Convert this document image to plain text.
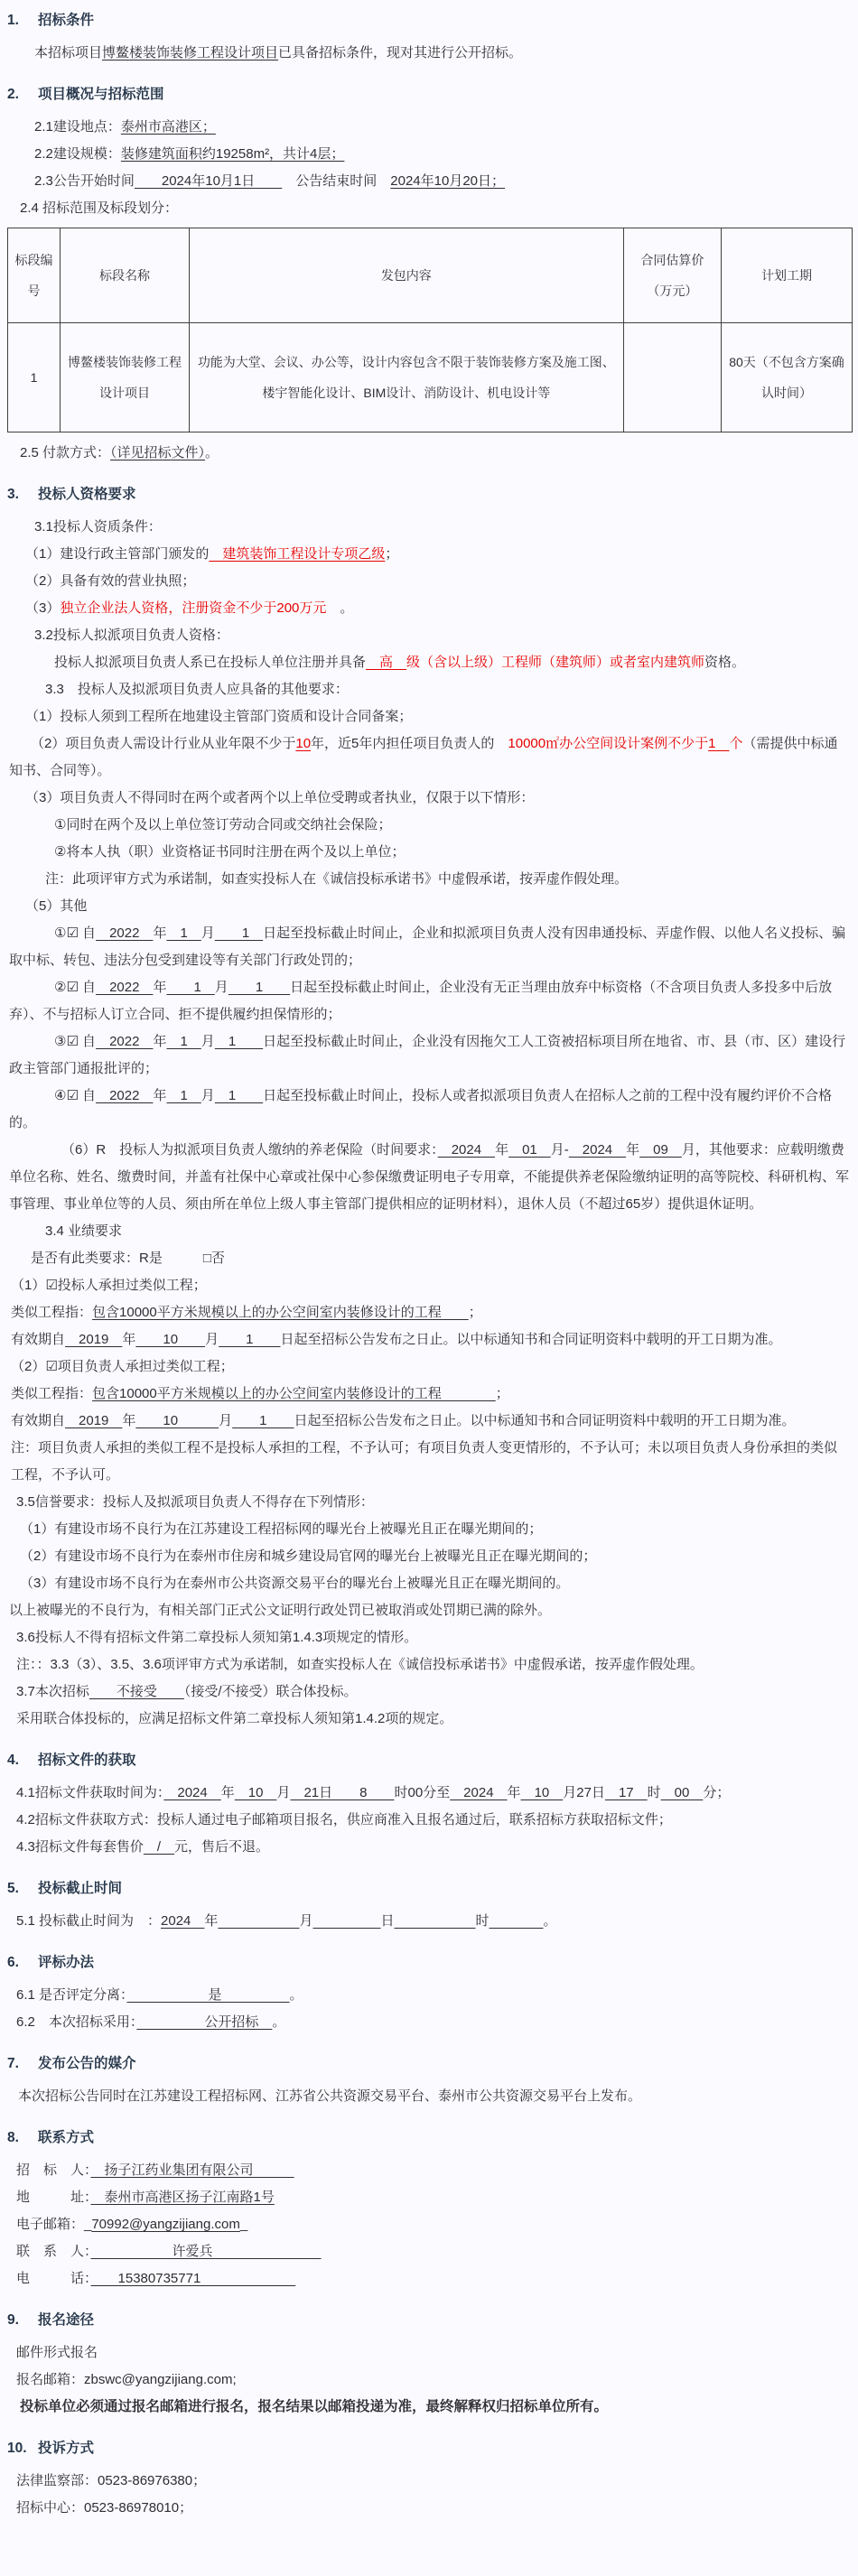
1.	招标条件
本招标项目博鳌楼装饰装修工程设计项目已具备招标条件，现对其进行公开招标。
2.	项目概况与招标范围
2.1建设地点：泰州市高港区；
2.2建设规模：装修建筑面积约19258m²，共计4层；
2.3公告开始时间　　2024年10月1日　　　公告结束时间　2024年10月20日；
2.4 招标范围及标段划分：
标段编号	标段名称	发包内容	合同估算价（万元）	计划工期
1	博鳌楼装饰装修工程设计项目	功能为大堂、会议、办公等，设计内容包含不限于装饰装修方案及施工图、楼宇智能化设计、BIM设计、消防设计、机电设计等		80天（不包含方案确认时间）
2.5 付款方式：（详见招标文件）。
3.	投标人资格要求
3.1投标人资质条件：
（1）建设行政主管部门颁发的　建筑装饰工程设计专项乙级；
（2）具备有效的营业执照；
（3）独立企业法人资格，注册资金不少于200万元　。
3.2投标人拟派项目负责人资格：
投标人拟派项目负责人系已在投标人单位注册并具备　高　级（含以上级）工程师（建筑师）或者室内建筑师资格。
3.3　投标人及拟派项目负责人应具备的其他要求：
（1）投标人须到工程所在地建设主管部门资质和设计合同备案；
（2）项目负责人需设计行业从业年限不少于10年，近5年内担任项目负责人的　10000㎡办公空间设计案例不少于1　个（需提供中标通知书、合同等）。
（3）项目负责人不得同时在两个或者两个以上单位受聘或者执业，仅限于以下情形：
①同时在两个及以上单位签订劳动合同或交纳社会保险；
②将本人执（职）业资格证书同时注册在两个及以上单位；
注：此项评审方式为承诺制，如查实投标人在《诚信投标承诺书》中虚假承诺，按弄虚作假处理。
（5）其他
①☑ 自　2022　年　1　月　　1　日起至投标截止时间止，企业和拟派项目负责人没有因串通投标、弄虚作假、以他人名义投标、骗取中标、转包、违法分包受到建设等有关部门行政处罚的；
②☑ 自　2022　年　　1　月　　1　　日起至投标截止时间止，企业没有无正当理由放弃中标资格（不含项目负责人多投多中后放弃）、不与招标人订立合同、拒不提供履约担保情形的；
③☑ 自　2022　年　1　月　1　　日起至投标截止时间止，企业没有因拖欠工人工资被招标项目所在地省、市、县（市、区）建设行政主管部门通报批评的；
④☑ 自　2022　年　1　月　1　　日起至投标截止时间止，投标人或者拟派项目负责人在招标人之前的工程中没有履约评价不合格的。
（6）R　投标人为拟派项目负责人缴纳的养老保险（时间要求：　2024　年　01　月-　2024　年　09　月，其他要求：应载明缴费单位名称、姓名、缴费时间，并盖有社保中心章或社保中心参保缴费证明电子专用章，不能提供养老保险缴纳证明的高等院校、科研机构、军事管理、事业单位等的人员、须由所在单位上级人事主管部门提供相应的证明材料），退休人员（不超过65岁）提供退休证明。
3.4 业绩要求
是否有此类要求：R是　　　□否
（1）☑投标人承担过类似工程；
类似工程指：包含10000平方米规模以上的办公空间室内装修设计的工程　　；
有效期自　2019　年　　10　　月　　1　　日起至招标公告发布之日止。以中标通知书和合同证明资料中载明的开工日期为准。
（2）☑项目负责人承担过类似工程；
类似工程指：包含10000平方米规模以上的办公空间室内装修设计的工程　　　　；
有效期自　2019　年　　10　　　月　　1　　日起至招标公告发布之日止。以中标通知书和合同证明资料中载明的开工日期为准。
注：项目负责人承担的类似工程不是投标人承担的工程，不予认可；有项目负责人变更情形的，不予认可；未以项目负责人身份承担的类似工程，不予认可。
3.5信誉要求：投标人及拟派项目负责人不得存在下列情形：
（1）有建设市场不良行为在江苏建设工程招标网的曝光台上被曝光且正在曝光期间的；
（2）有建设市场不良行为在泰州市住房和城乡建设局官网的曝光台上被曝光且正在曝光期间的；
（3）有建设市场不良行为在泰州市公共资源交易平台的曝光台上被曝光且正在曝光期间的。
以上被曝光的不良行为，有相关部门正式公文证明行政处罚已被取消或处罚期已满的除外。
3.6投标人不得有招标文件第二章投标人须知第1.4.3项规定的情形。
注：：3.3（3）、3.5、3.6项评审方式为承诺制，如查实投标人在《诚信投标承诺书》中虚假承诺，按弄虚作假处理。
3.7本次招标　　不接受　　（接受/不接受）联合体投标。
采用联合体投标的，应满足招标文件第二章投标人须知第1.4.2项的规定。
4.	招标文件的获取
4.1招标文件获取时间为：　2024　年　10　月　21日　　8　　时00分至　2024　年　10　月27日　17　时　00　分；
4.2招标文件获取方式：投标人通过电子邮箱项目报名，供应商准入且报名通过后，联系招标方获取招标文件；
4.3招标文件每套售价　/　元，售后不退。
5.	投标截止时间
5.1 投标截止时间为　：2024　年　　　　　　	月　　　　　	日　　　　　　	时　　　　	。
6.	评标办法
6.1 是否评定分离：　　　　　　是　　　　　。
6.2　本次招标采用：　　　　　公开招标　。
7.	发布公告的媒介
本次招标公告同时在江苏建设工程招标网、江苏省公共资源交易平台、泰州市公共资源交易平台上发布。
8.	联系方式
招　标　人：　扬子江药业集团有限公司　　　
地　　　址：　泰州市高港区扬子江南路1号
电子邮箱：_70992@yangzijiang.com_
联　系　人：　　　　　　许爱兵　　　　　　　　
电　　　话：　　15380735771　　　　　　　
9.	报名途径
邮件形式报名
报名邮箱：zbswc@yangzijiang.com;
投标单位必须通过报名邮箱进行报名，报名结果以邮箱投递为准，最终解释权归招标单位所有。
10. 投诉方式
法律监察部：0523-86976380；
招标中心：0523-86978010；
